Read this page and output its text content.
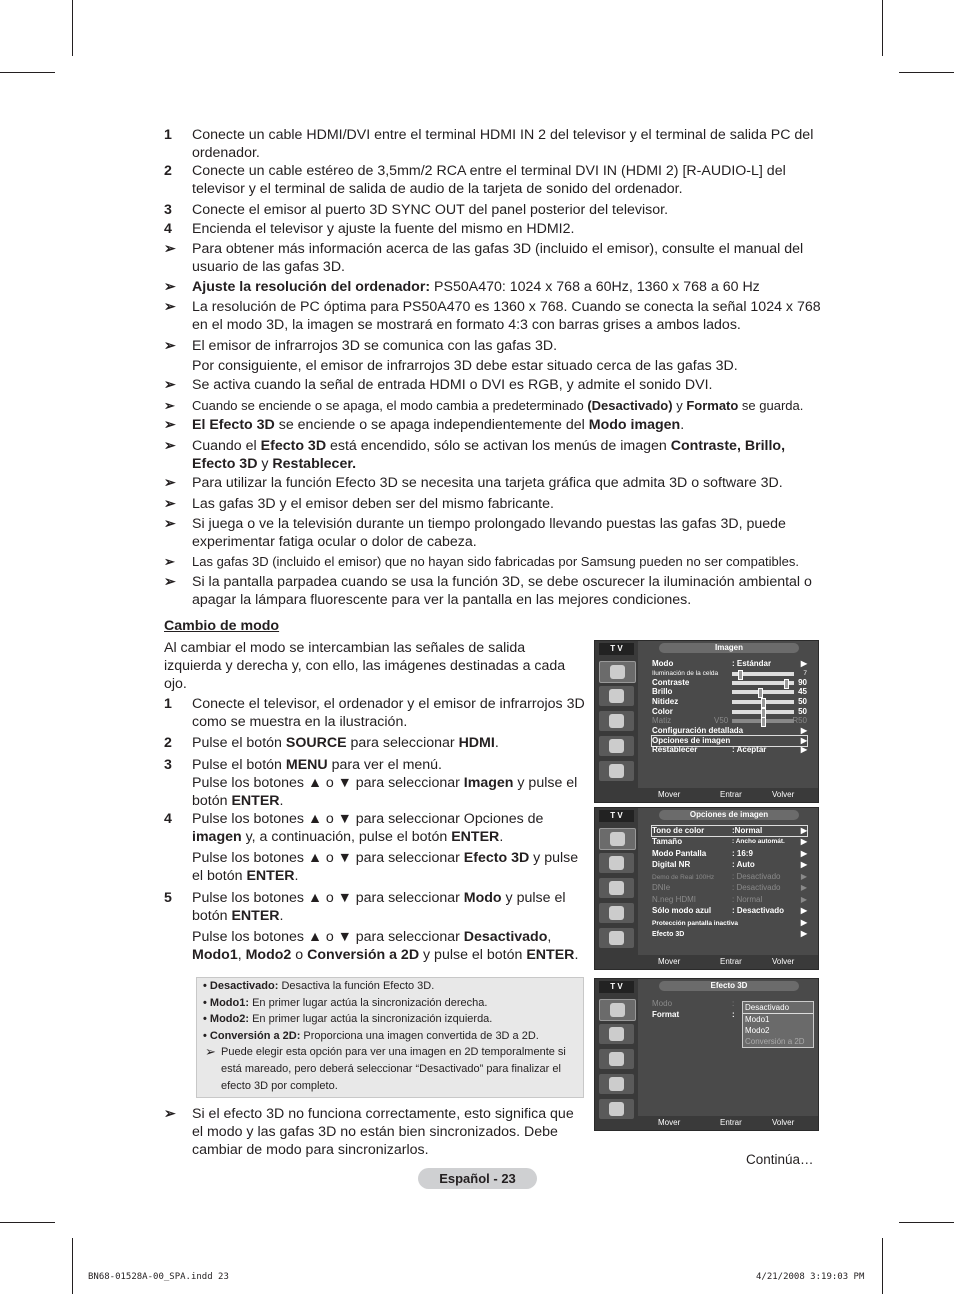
1 Conecte un cable HDMI/DVI entre el terminal HDMI IN 2 del televisor y el terminal de salida PC del ordenador.
2 Conecte un cable estéreo de 3,5mm/2 RCA entre el terminal DVI IN (HDMI 2) [R-AUDIO-L] del televisor y el terminal de salida de audio de la tarjeta de sonido del ordenador.
3 Conecte el emisor al puerto 3D SYNC OUT del panel posterior del televisor.
4 Encienda el televisor y ajuste la fuente del mismo en HDMI2.
➢ Para obtener más información acerca de las gafas 3D (incluido el emisor), consulte el manual del usuario de las gafas 3D.
➢ Ajuste la resolución del ordenador: PS50A470: 1024 x 768 a 60Hz, 1360 x 768 a 60 Hz
➢ La resolución de PC óptima para PS50A470 es 1360 x 768. Cuando se conecta la señal 1024 x 768 en el modo 3D, la imagen se mostrará en formato 4:3 con barras grises a ambos lados.
➢ El emisor de infrarrojos 3D se comunica con las gafas 3D.
Por consiguiente, el emisor de infrarrojos 3D debe estar situado cerca de las gafas 3D.
➢ Se activa cuando la señal de entrada HDMI o DVI es RGB, y admite el sonido DVI.
➢ Cuando se enciende o se apaga, el modo cambia a predeterminado (Desactivado) y Formato se guarda.
➢ El Efecto 3D se enciende o se apaga independientemente del Modo imagen.
➢ Cuando el Efecto 3D está encendido, sólo se activan los menús de imagen Contraste, Brillo, Efecto 3D y Restablecer.
➢ Para utilizar la función Efecto 3D se necesita una tarjeta gráfica que admita 3D o software 3D.
➢ Las gafas 3D y el emisor deben ser del mismo fabricante.
➢ Si juega o ve la televisión durante un tiempo prolongado llevando puestas las gafas 3D, puede experimentar fatiga ocular o dolor de cabeza.
➢ Las gafas 3D (incluido el emisor) que no hayan sido fabricadas por Samsung pueden no ser compatibles.
➢ Si la pantalla parpadea cuando se usa la función 3D, se debe oscurecer la iluminación ambiental o apagar la lámpara fluorescente para ver la pantalla en las mejores condiciones.
Cambio de modo
Al cambiar el modo se intercambian las señales de salida izquierda y derecha y, con ello, las imágenes destinadas a cada ojo.
1 Conecte el televisor, el ordenador y el emisor de infrarrojos 3D como se muestra en la ilustración.
2 Pulse el botón SOURCE para seleccionar HDMI.
3 Pulse el botón MENU para ver el menú.
Pulse los botones ▲ o ▼ para seleccionar Imagen y pulse el botón ENTER.
4 Pulse los botones ▲ o ▼ para seleccionar Opciones de imagen y, a continuación, pulse el botón ENTER.
Pulse los botones ▲ o ▼ para seleccionar Efecto 3D y pulse el botón ENTER.
5 Pulse los botones ▲ o ▼ para seleccionar Modo y pulse el botón ENTER.
Pulse los botones ▲ o ▼ para seleccionar Desactivado, Modo1, Modo2 o Conversión a 2D y pulse el botón ENTER.
• Desactivado: Desactiva la función Efecto 3D.
• Modo1: En primer lugar actúa la sincronización derecha.
• Modo2: En primer lugar actúa la sincronización izquierda.
• Conversión a 2D: Proporciona una imagen convertida de 3D a 2D.
➢ Puede elegir esta opción para ver una imagen en 2D temporalmente si está mareado, pero deberá seleccionar “Desactivado” para finalizar el efecto 3D por completo.
➢ Si el efecto 3D no funciona correctamente, esto significa que el modo y las gafas 3D no están bien sincronizados. Debe cambiar de modo para sincronizarlos.
T V	Imagen
Modo	: Estándar	▶
Iluminación de la celda	7
Contraste	90
Brillo	45
Nitidez	50
Color	50
Matiz	V50	R50
Configuración detallada	▶
Opciones de imagen	▶
Restablecer	: Aceptar	▶
Mover	Entrar	Volver
T V	Opciones de imagen
Tono de color	:Normal	▶
Tamaño	: Ancho automát. ▶
Modo Pantalla	: 16:9	▶
Digital NR	: Auto	▶
Demo de Real 100Hz : Desactivado	▶
DNIe	: Desactivado	▶
N.neg HDMI	: Normal	▶
Sólo modo azul	: Desactivado ▶
Protección pantalla inactiva	▶
Efecto 3D	▶
Mover	Entrar	Volver
T V	Efecto 3D
Modo	:
Format	:
Desactivado
Modo1
Modo2
Conversión a 2D
Mover	Entrar	Volver
Continúa…
Español - 23
BN68-01528A-00_SPA.indd 23	4/21/2008 3:19:03 PM
